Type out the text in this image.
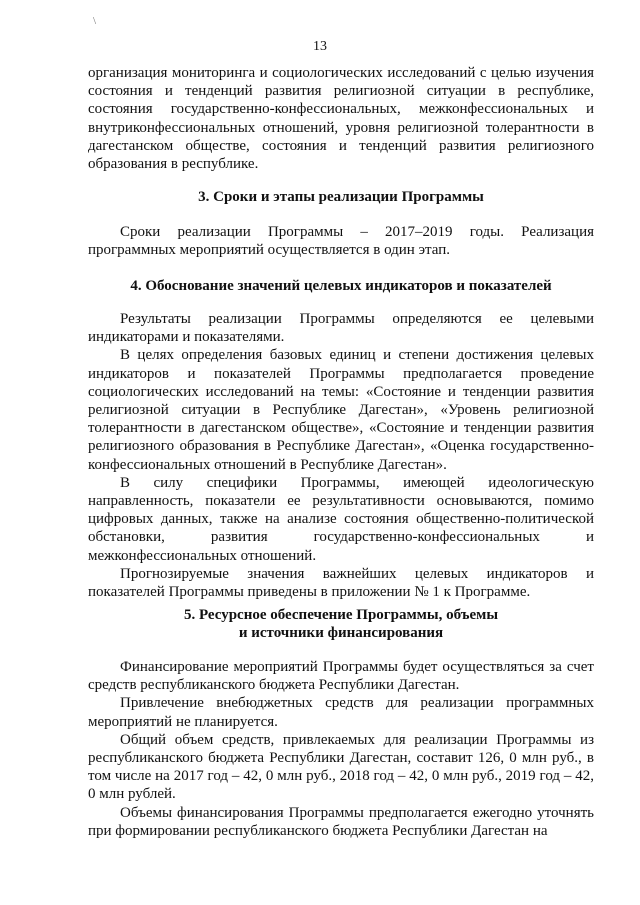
\
13

организация мониторинга и социологических исследований с целью изучения состояния и тенденций развития религиозной ситуации в республике, состояния государственно-конфессиональных, межконфессиональных и внутриконфессиональных отношений, уровня религиозной толерантности в дагестанском обществе, состояния и тенденций развития религиозного образования в республике.

3. Сроки и этапы реализации Программы

Сроки реализации Программы – 2017–2019 годы. Реализация программных мероприятий осуществляется в один этап.

4. Обоснование значений целевых индикаторов и показателей

Результаты реализации Программы определяются ее целевыми индикаторами и показателями.

В целях определения базовых единиц и степени достижения целевых индикаторов и показателей Программы предполагается проведение социологических исследований на темы: «Состояние и тенденции развития религиозной ситуации в Республике Дагестан», «Уровень религиозной толерантности в дагестанском обществе», «Состояние и тенденции развития религиозного образования в Республике Дагестан», «Оценка государственно-конфессиональных отношений в Республике Дагестан».

В силу специфики Программы, имеющей идеологическую направленность, показатели ее результативности основываются, помимо цифровых данных, также на анализе состояния общественно-политической обстановки, развития государственно-конфессиональных и межконфессиональных отношений.

Прогнозируемые значения важнейших целевых индикаторов и показателей Программы приведены в приложении № 1 к Программе.

5. Ресурсное обеспечение Программы, объемы
и источники финансирования

Финансирование мероприятий Программы будет осуществляться за счет средств республиканского бюджета Республики Дагестан.

Привлечение внебюджетных средств для реализации программных мероприятий не планируется.

Общий объем средств, привлекаемых для реализации Программы из республиканского бюджета Республики Дагестан, составит 126, 0 млн руб., в том числе на 2017 год – 42, 0 млн руб., 2018 год – 42, 0 млн руб., 2019 год – 42, 0 млн рублей.

Объемы финансирования Программы предполагается ежегодно уточнять при формировании республиканского бюджета Республики Дагестан на
